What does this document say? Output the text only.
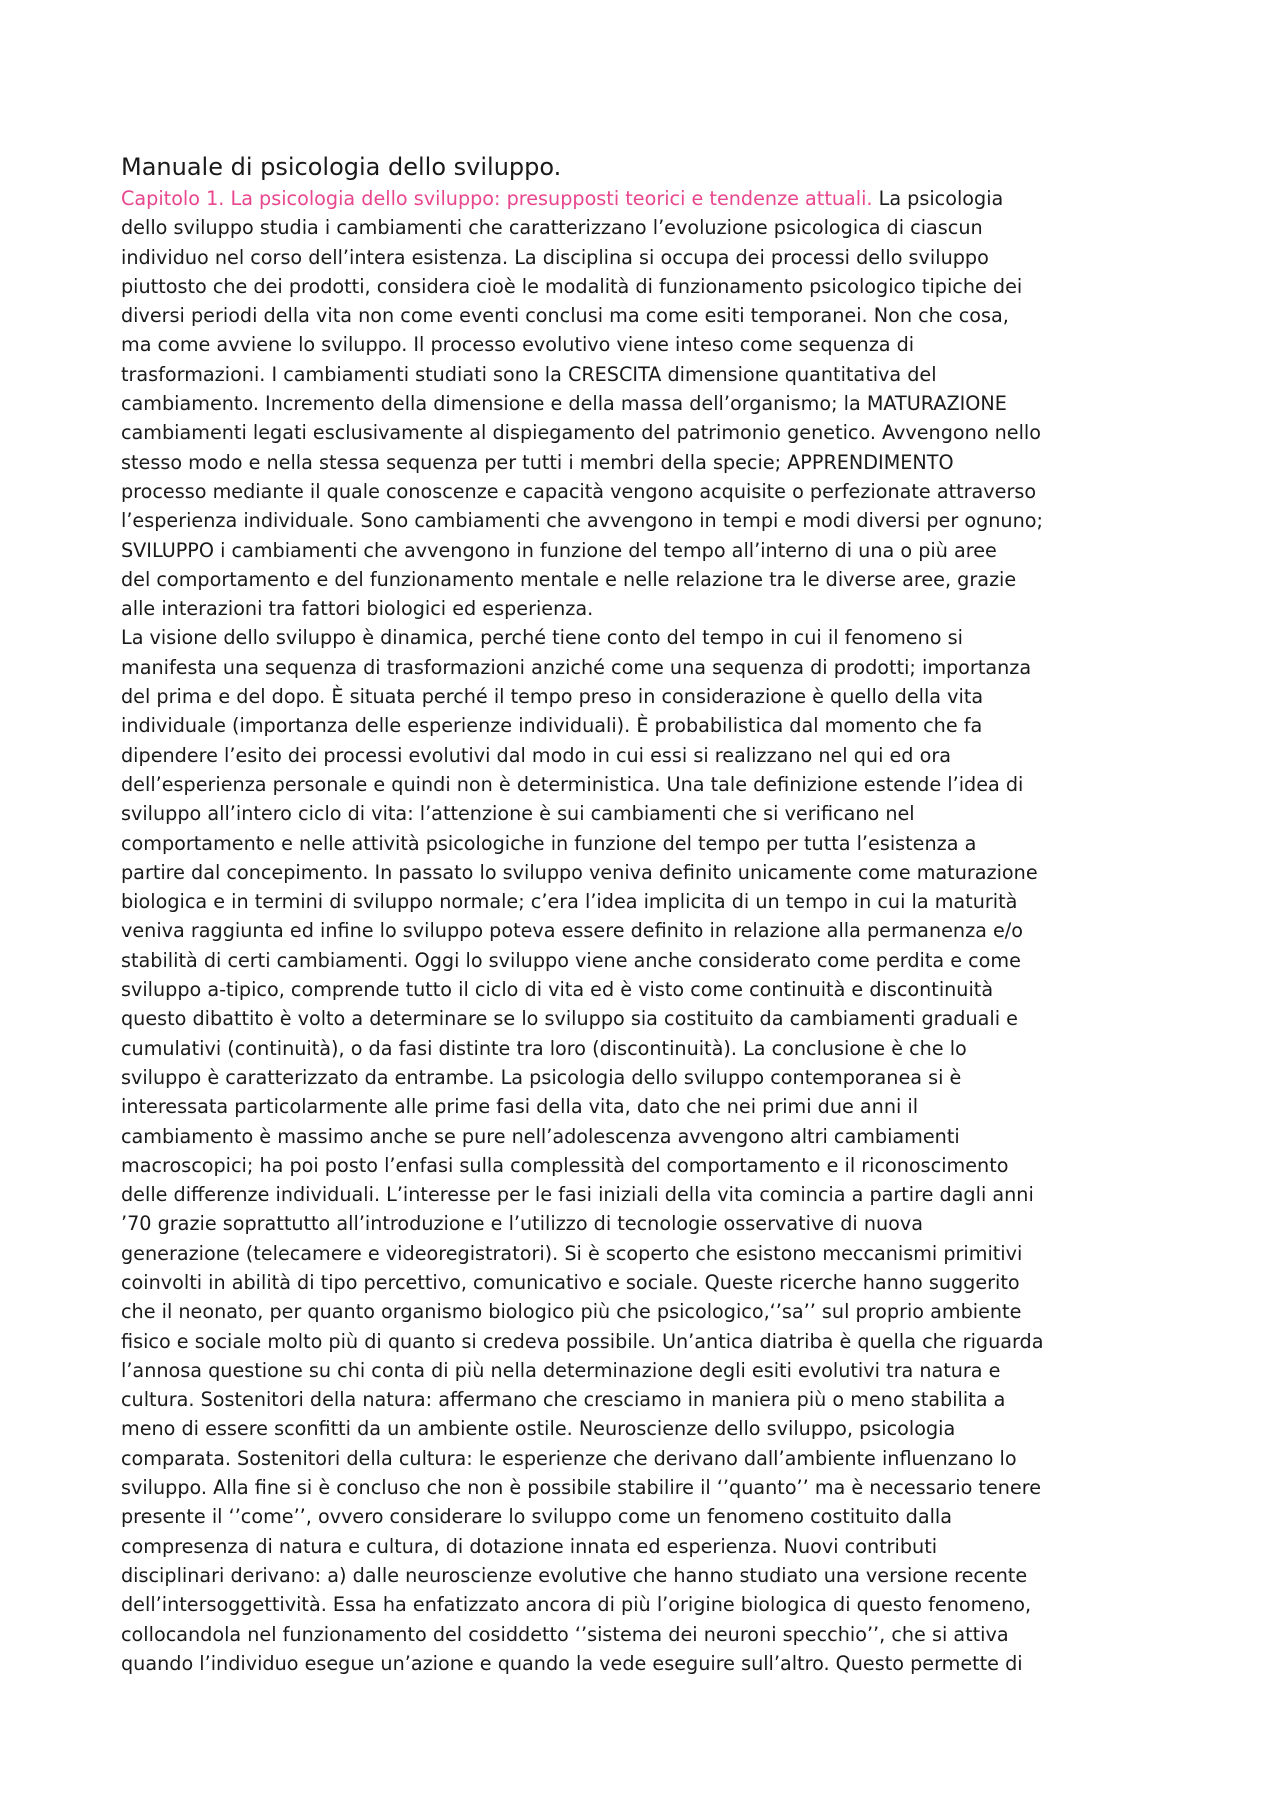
Manuale di psicologia dello sviluppo.
Capitolo 1. La psicologia dello sviluppo: presupposti teorici e tendenze attuali. La psicologia
dello sviluppo studia i cambiamenti che caratterizzano l’evoluzione psicologica di ciascun
individuo nel corso dell’intera esistenza. La disciplina si occupa dei processi dello sviluppo
piuttosto che dei prodotti, considera cioè le modalità di funzionamento psicologico tipiche dei
diversi periodi della vita non come eventi conclusi ma come esiti temporanei. Non che cosa,
ma come avviene lo sviluppo. Il processo evolutivo viene inteso come sequenza di
trasformazioni. I cambiamenti studiati sono la CRESCITA dimensione quantitativa del
cambiamento. Incremento della dimensione e della massa dell’organismo; la MATURAZIONE
cambiamenti legati esclusivamente al dispiegamento del patrimonio genetico. Avvengono nello
stesso modo e nella stessa sequenza per tutti i membri della specie; APPRENDIMENTO
processo mediante il quale conoscenze e capacità vengono acquisite o perfezionate attraverso
l’esperienza individuale. Sono cambiamenti che avvengono in tempi e modi diversi per ognuno;
SVILUPPO i cambiamenti che avvengono in funzione del tempo all’interno di una o più aree
del comportamento e del funzionamento mentale e nelle relazione tra le diverse aree, grazie
alle interazioni tra fattori biologici ed esperienza.
La visione dello sviluppo è dinamica, perché tiene conto del tempo in cui il fenomeno si
manifesta una sequenza di trasformazioni anziché come una sequenza di prodotti; importanza
del prima e del dopo. È situata perché il tempo preso in considerazione è quello della vita
individuale (importanza delle esperienze individuali). È probabilistica dal momento che fa
dipendere l’esito dei processi evolutivi dal modo in cui essi si realizzano nel qui ed ora
dell’esperienza personale e quindi non è deterministica. Una tale definizione estende l’idea di
sviluppo all’intero ciclo di vita: l’attenzione è sui cambiamenti che si verificano nel
comportamento e nelle attività psicologiche in funzione del tempo per tutta l’esistenza a
partire dal concepimento. In passato lo sviluppo veniva definito unicamente come maturazione
biologica e in termini di sviluppo normale; c’era l’idea implicita di un tempo in cui la maturità
veniva raggiunta ed infine lo sviluppo poteva essere definito in relazione alla permanenza e/o
stabilità di certi cambiamenti. Oggi lo sviluppo viene anche considerato come perdita e come
sviluppo a-tipico, comprende tutto il ciclo di vita ed è visto come continuità e discontinuità
questo dibattito è volto a determinare se lo sviluppo sia costituito da cambiamenti graduali e
cumulativi (continuità), o da fasi distinte tra loro (discontinuità). La conclusione è che lo
sviluppo è caratterizzato da entrambe. La psicologia dello sviluppo contemporanea si è
interessata particolarmente alle prime fasi della vita, dato che nei primi due anni il
cambiamento è massimo anche se pure nell’adolescenza avvengono altri cambiamenti
macroscopici; ha poi posto l’enfasi sulla complessità del comportamento e il riconoscimento
delle differenze individuali. L’interesse per le fasi iniziali della vita comincia a partire dagli anni
’70 grazie soprattutto all’introduzione e l’utilizzo di tecnologie osservative di nuova
generazione (telecamere e videoregistratori). Si è scoperto che esistono meccanismi primitivi
coinvolti in abilità di tipo percettivo, comunicativo e sociale. Queste ricerche hanno suggerito
che il neonato, per quanto organismo biologico più che psicologico,‘’sa’’ sul proprio ambiente
fisico e sociale molto più di quanto si credeva possibile. Un’antica diatriba è quella che riguarda
l’annosa questione su chi conta di più nella determinazione degli esiti evolutivi tra natura e
cultura. Sostenitori della natura: affermano che cresciamo in maniera più o meno stabilita a
meno di essere sconfitti da un ambiente ostile. Neuroscienze dello sviluppo, psicologia
comparata. Sostenitori della cultura: le esperienze che derivano dall’ambiente influenzano lo
sviluppo. Alla fine si è concluso che non è possibile stabilire il ‘’quanto’’ ma è necessario tenere
presente il ‘’come’’, ovvero considerare lo sviluppo come un fenomeno costituito dalla
compresenza di natura e cultura, di dotazione innata ed esperienza. Nuovi contributi
disciplinari derivano: a) dalle neuroscienze evolutive che hanno studiato una versione recente
dell’intersoggettività. Essa ha enfatizzato ancora di più l’origine biologica di questo fenomeno,
collocandola nel funzionamento del cosiddetto ‘’sistema dei neuroni specchio’’, che si attiva
quando l’individuo esegue un’azione e quando la vede eseguire sull’altro. Questo permette di
